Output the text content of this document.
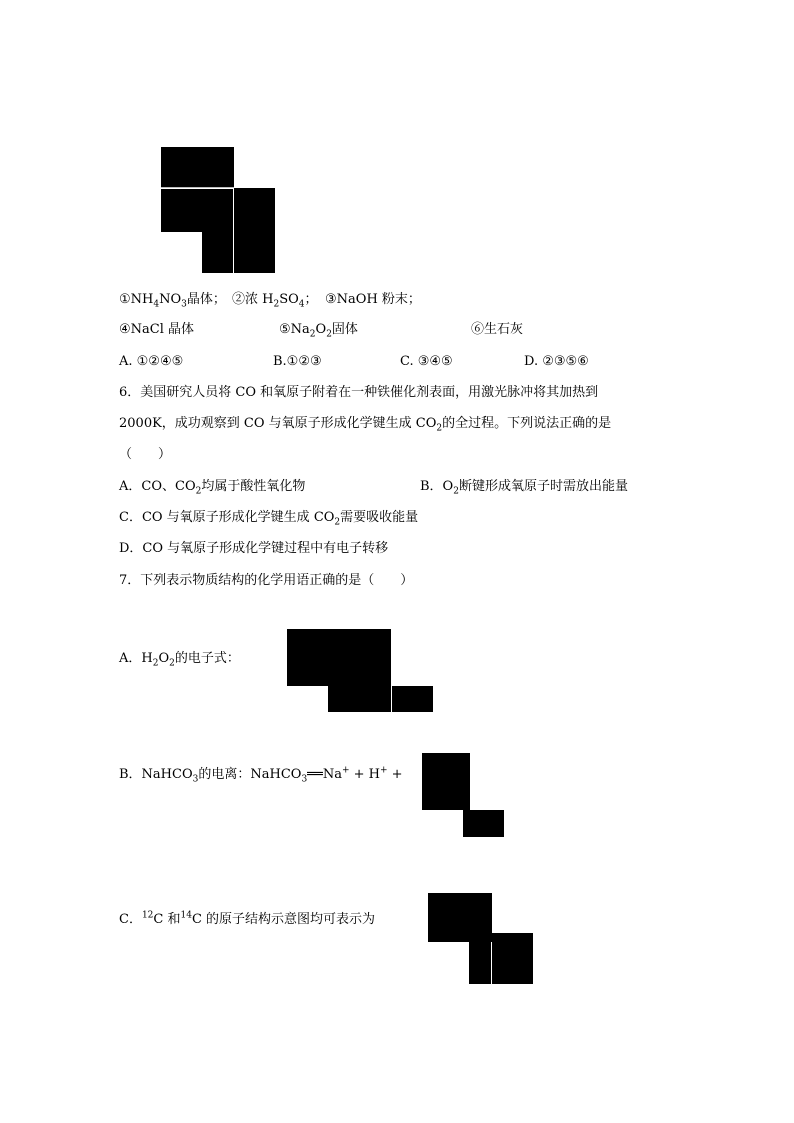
$①NH_4NO_3$晶体； ②浓 $H_2SO_4$； ③NaOH 粉末；
④NaCl 晶体	$⑤Na_2O_2$固体	⑥生石灰
A. ①②④⑤	B.①②③	C. ③④⑤	D. ②③⑤⑥
6．美国研究人员将 CO 和氧原子附着在一种铁催化剂表面，用激光脉冲将其加热到
2000K，成功观察到 CO 与氧原子形成化学键生成 $CO_2$的全过程。下列说法正确的是
（　　）
A．CO、$CO_2$均属于酸性氧化物	B．$O_2$断键形成氧原子时需放出能量
C．CO 与氧原子形成化学键生成 $CO_2$需要吸收能量
D．CO 与氧原子形成化学键过程中有电子转移
7．下列表示物质结构的化学用语正确的是（　　）
A．$H_2O_2$的电子式：
B．NaHCO$_3$的电离：NaHCO$_3$══Na+ + H+ +
C．$^{12}$C 和$^{14}$C 的原子结构示意图均可表示为
